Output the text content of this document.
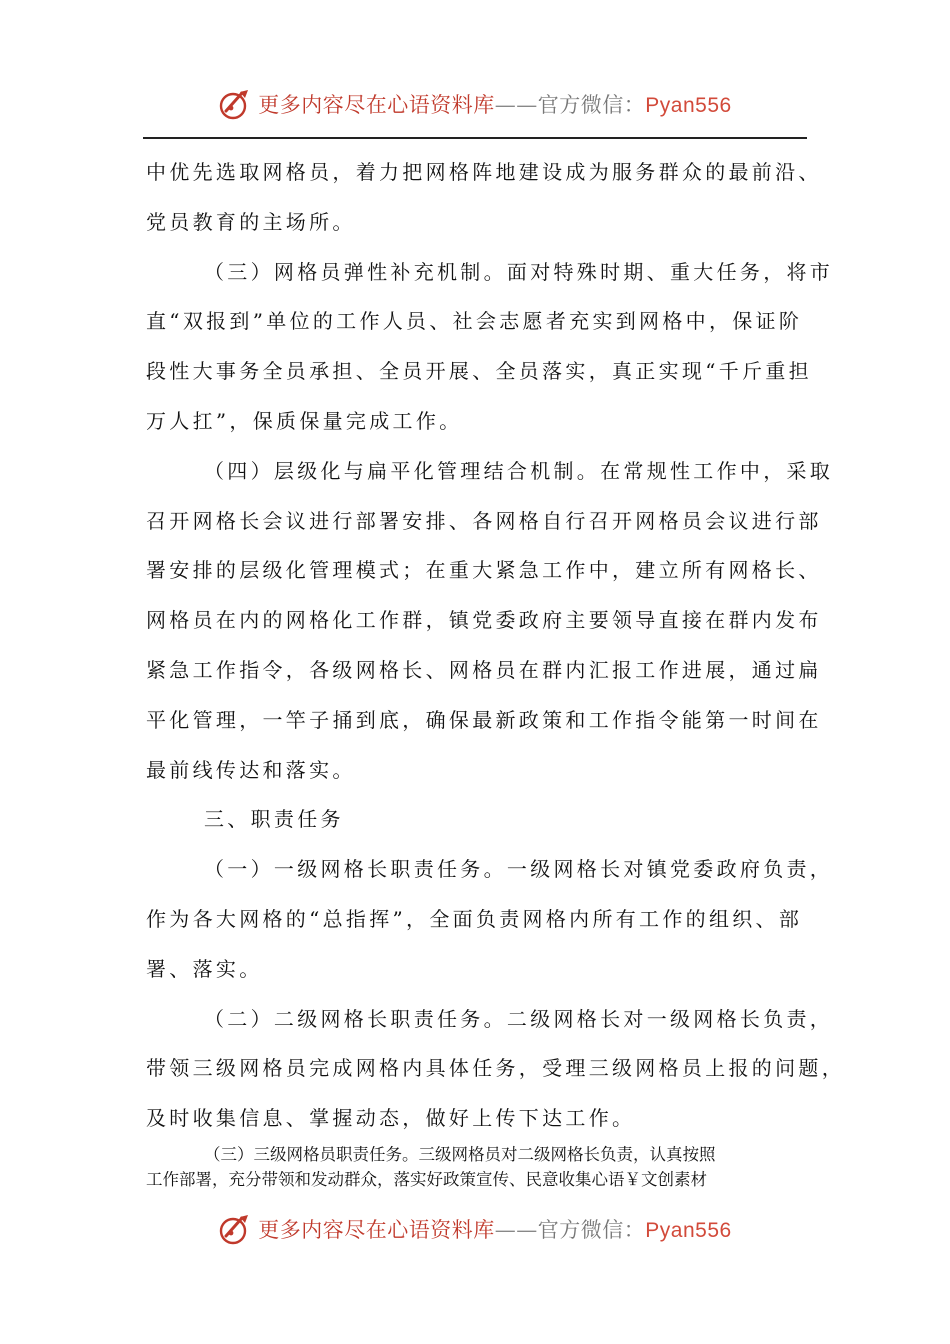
更多内容尽在心语资料库——官方微信：Pyan556
中优先选取网格员，着力把网格阵地建设成为服务群众的最前沿、
党员教育的主场所。
（三）网格员弹性补充机制。面对特殊时期、重大任务，将市
直“双报到”单位的工作人员、社会志愿者充实到网格中，保证阶
段性大事务全员承担、全员开展、全员落实，真正实现“千斤重担
万人扛”，保质保量完成工作。
（四）层级化与扁平化管理结合机制。在常规性工作中，采取
召开网格长会议进行部署安排、各网格自行召开网格员会议进行部
署安排的层级化管理模式；在重大紧急工作中，建立所有网格长、
网格员在内的网格化工作群，镇党委政府主要领导直接在群内发布
紧急工作指令，各级网格长、网格员在群内汇报工作进展，通过扁
平化管理，一竿子捅到底，确保最新政策和工作指令能第一时间在
最前线传达和落实。
三、职责任务
（一）一级网格长职责任务。一级网格长对镇党委政府负责，
作为各大网格的“总指挥”，全面负责网格内所有工作的组织、部
署、落实。
（二）二级网格长职责任务。二级网格长对一级网格长负责，
带领三级网格员完成网格内具体任务，受理三级网格员上报的问题，
及时收集信息、掌握动态，做好上传下达工作。
（三）三级网格员职责任务。三级网格员对二级网格长负责，认真按照
工作部署，充分带领和发动群众，落实好政策宣传、民意收集心语￥文创素材
更多内容尽在心语资料库——官方微信：Pyan556
